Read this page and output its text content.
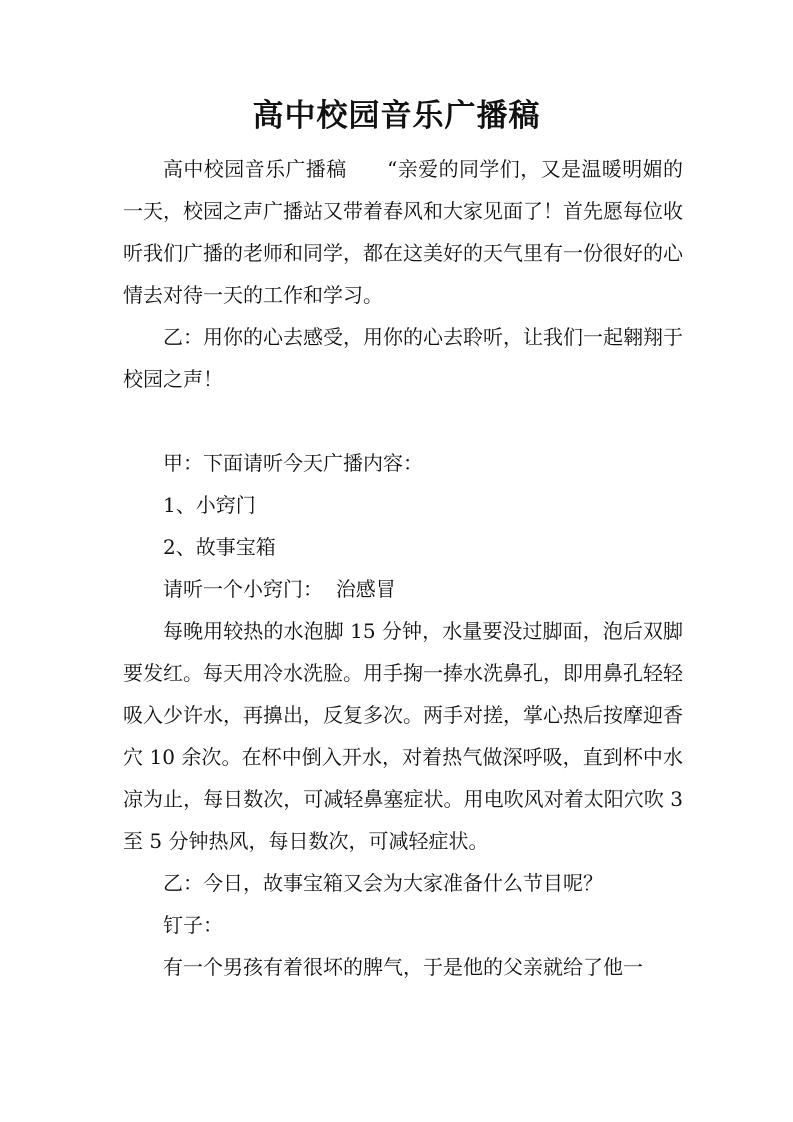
高中校园音乐广播稿

高中校园音乐广播稿      “亲爱的同学们，又是温暖明媚的一天，校园之声广播站又带着春风和大家见面了！首先愿每位收听我们广播的老师和同学，都在这美好的天气里有一份很好的心情去对待一天的工作和学习。

乙：用你的心去感受，用你的心去聆听，让我们一起翱翔于校园之声！

甲：下面请听今天广播内容：

1、小窍门

2、故事宝箱

请听一个小窍门：  治感冒

每晚用较热的水泡脚 15 分钟，水量要没过脚面，泡后双脚要发红。每天用冷水洗脸。用手掬一捧水洗鼻孔，即用鼻孔轻轻吸入少许水，再擤出，反复多次。两手对搓，掌心热后按摩迎香穴 10 余次。在杯中倒入开水，对着热气做深呼吸，直到杯中水凉为止，每日数次，可减轻鼻塞症状。用电吹风对着太阳穴吹 3 至 5 分钟热风，每日数次，可减轻症状。

乙：今日，故事宝箱又会为大家准备什么节目呢？

钉子：

有一个男孩有着很坏的脾气，于是他的父亲就给了他一
